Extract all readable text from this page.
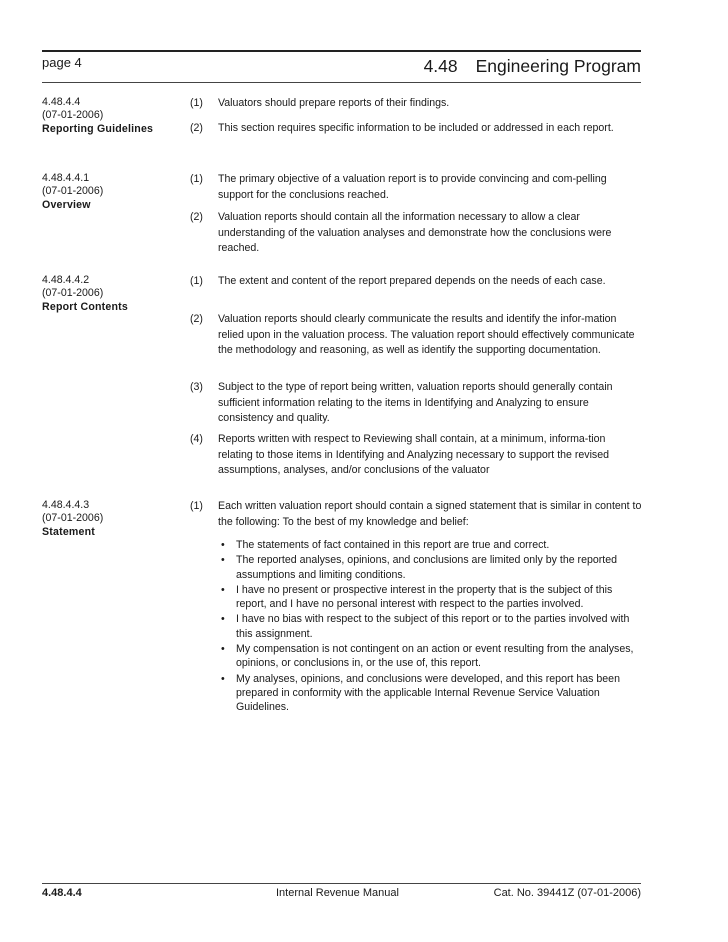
page 4	4.48 Engineering Program
4.48.4.4
(07-01-2006)
Reporting Guidelines
(1) Valuators should prepare reports of their findings.
(2) This section requires specific information to be included or addressed in each report.
4.48.4.4.1
(07-01-2006)
Overview
(1) The primary objective of a valuation report is to provide convincing and com-pelling support for the conclusions reached.
(2) Valuation reports should contain all the information necessary to allow a clear understanding of the valuation analyses and demonstrate how the conclusions were reached.
4.48.4.4.2
(07-01-2006)
Report Contents
(1) The extent and content of the report prepared depends on the needs of each case.
(2) Valuation reports should clearly communicate the results and identify the infor-mation relied upon in the valuation process. The valuation report should effectively communicate the methodology and reasoning, as well as identify the supporting documentation.
(3) Subject to the type of report being written, valuation reports should generally contain sufficient information relating to the items in Identifying and Analyzing to ensure consistency and quality.
(4) Reports written with respect to Reviewing shall contain, at a minimum, informa-tion relating to those items in Identifying and Analyzing necessary to support the revised assumptions, analyses, and/or conclusions of the valuator
4.48.4.4.3
(07-01-2006)
Statement
(1) Each written valuation report should contain a signed statement that is similar in content to the following: To the best of my knowledge and belief:
• The statements of fact contained in this report are true and correct.
• The reported analyses, opinions, and conclusions are limited only by the reported assumptions and limiting conditions.
• I have no present or prospective interest in the property that is the subject of this report, and I have no personal interest with respect to the parties involved.
• I have no bias with respect to the subject of this report or to the parties involved with this assignment.
• My compensation is not contingent on an action or event resulting from the analyses, opinions, or conclusions in, or the use of, this report.
• My analyses, opinions, and conclusions were developed, and this report has been prepared in conformity with the applicable Internal Revenue Service Valuation Guidelines.
4.48.4.4	Internal Revenue Manual	Cat. No. 39441Z (07-01-2006)
